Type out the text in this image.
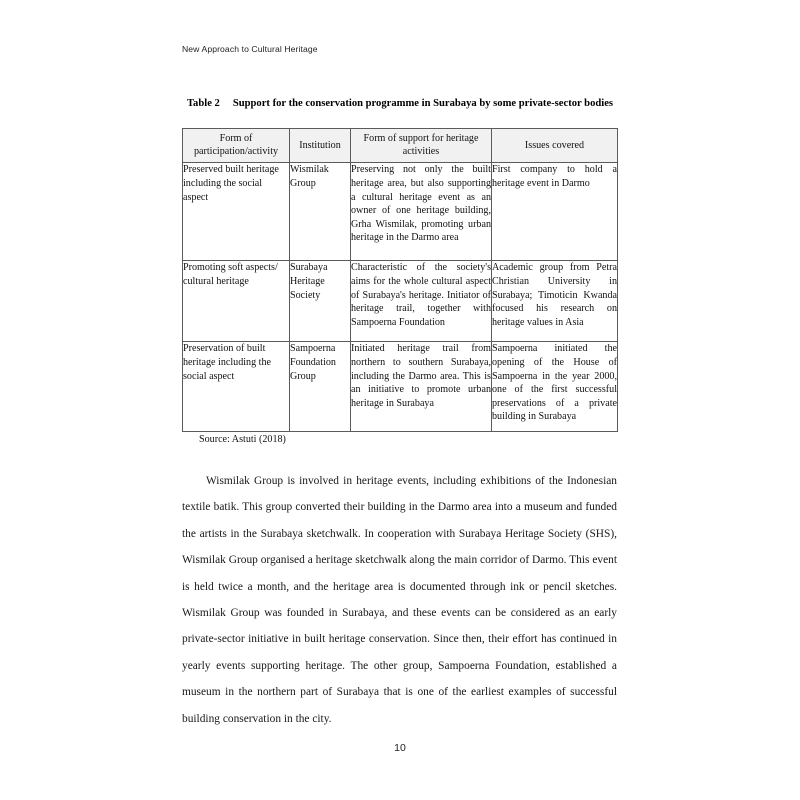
New Approach to Cultural Heritage
Table 2 Support for the conservation programme in Surabaya by some private-sector bodies
Form of participation/activity	Institution	Form of support for heritage activities	Issues covered
Preserved built heritage including the social aspect	Wismilak Group	Preserving not only the built heritage area, but also supporting a cultural heritage event as an owner of one heritage building, Grha Wismilak, promoting urban heritage in the Darmo area	First company to hold a heritage event in Darmo
Promoting soft aspects/ cultural heritage	Surabaya Heritage Society	Characteristic of the society's aims for the whole cultural aspect of Surabaya's heritage. Initiator of heritage trail, together with Sampoerna Foundation	Academic group from Petra Christian University in Surabaya; Timoticin Kwanda focused his research on heritage values in Asia
Preservation of built heritage including the social aspect	Sampoerna Foundation Group	Initiated heritage trail from northern to southern Surabaya, including the Darmo area. This is an initiative to promote urban heritage in Surabaya	Sampoerna initiated the opening of the House of Sampoerna in the year 2000, one of the first successful preservations of a private building in Surabaya
Source: Astuti (2018)
Wismilak Group is involved in heritage events, including exhibitions of the Indonesian textile batik. This group converted their building in the Darmo area into a museum and funded the artists in the Surabaya sketchwalk. In cooperation with Surabaya Heritage Society (SHS), Wismilak Group organised a heritage sketchwalk along the main corridor of Darmo. This event is held twice a month, and the heritage area is documented through ink or pencil sketches. Wismilak Group was founded in Surabaya, and these events can be considered as an early private-sector initiative in built heritage conservation. Since then, their effort has continued in yearly events supporting heritage. The other group, Sampoerna Foundation, established a museum in the northern part of Surabaya that is one of the earliest examples of successful building conservation in the city.
10
